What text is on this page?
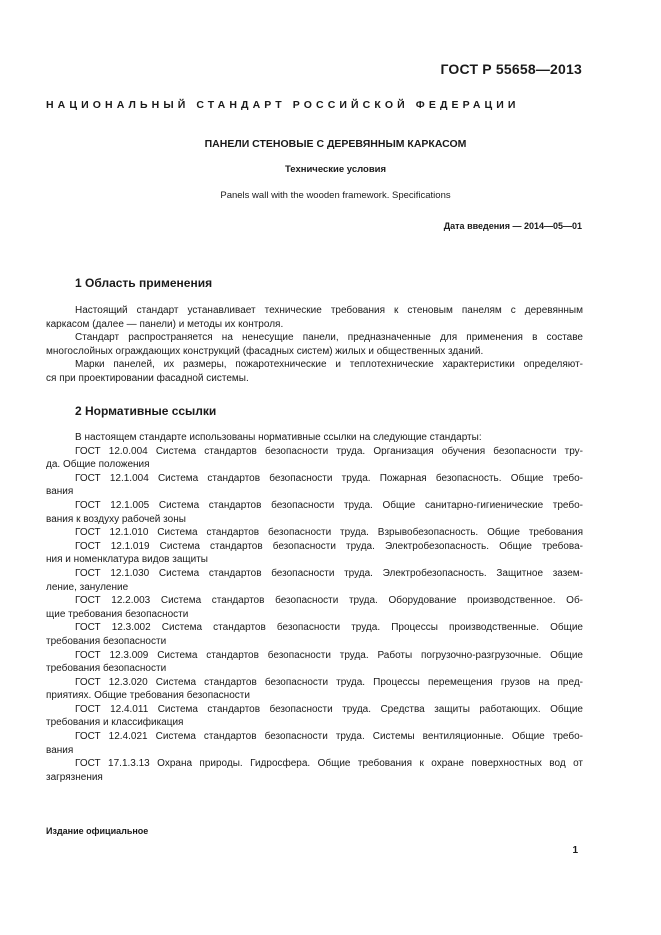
ГОСТ Р 55658—2013
НАЦИОНАЛЬНЫЙ СТАНДАРТ РОССИЙСКОЙ ФЕДЕРАЦИИ
ПАНЕЛИ СТЕНОВЫЕ С ДЕРЕВЯННЫМ КАРКАСОМ
Технические условия
Panels wall with the wooden framework. Specifications
Дата введения — 2014—05—01
1 Область применения
Настоящий стандарт устанавливает технические требования к стеновым панелям с деревянным
каркасом (далее — панели) и методы их контроля.
Стандарт распространяется на ненесущие панели, предназначенные для применения в составе
многослойных ограждающих конструкций (фасадных систем) жилых и общественных зданий.
Марки панелей, их размеры, пожаротехнические и теплотехнические характеристики определяют-
ся при проектировании фасадной системы.
2 Нормативные ссылки
В настоящем стандарте использованы нормативные ссылки на следующие стандарты:
ГОСТ 12.0.004 Система стандартов безопасности труда. Организация обучения безопасности тру-
да. Общие положения
ГОСТ 12.1.004 Система стандартов безопасности труда. Пожарная безопасность. Общие требо-
вания
ГОСТ 12.1.005 Система стандартов безопасности труда. Общие санитарно-гигиенические требо-
вания к воздуху рабочей зоны
ГОСТ 12.1.010 Система стандартов безопасности труда. Взрывобезопасность. Общие требования
ГОСТ 12.1.019 Система стандартов безопасности труда. Электробезопасность. Общие требова-
ния и номенклатура видов защиты
ГОСТ 12.1.030 Система стандартов безопасности труда. Электробезопасность. Защитное зазем-
ление, зануление
ГОСТ 12.2.003 Система стандартов безопасности труда. Оборудование производственное. Об-
щие требования безопасности
ГОСТ 12.3.002 Система стандартов безопасности труда. Процессы производственные. Общие
требования безопасности
ГОСТ 12.3.009 Система стандартов безопасности труда. Работы погрузочно-разгрузочные. Общие
требования безопасности
ГОСТ 12.3.020 Система стандартов безопасности труда. Процессы перемещения грузов на пред-
приятиях. Общие требования безопасности
ГОСТ 12.4.011 Система стандартов безопасности труда. Средства защиты работающих. Общие
требования и классификация
ГОСТ 12.4.021 Система стандартов безопасности труда. Системы вентиляционные. Общие требо-
вания
ГОСТ 17.1.3.13 Охрана природы. Гидросфера. Общие требования к охране поверхностных вод от
загрязнения
Издание официальное
1
